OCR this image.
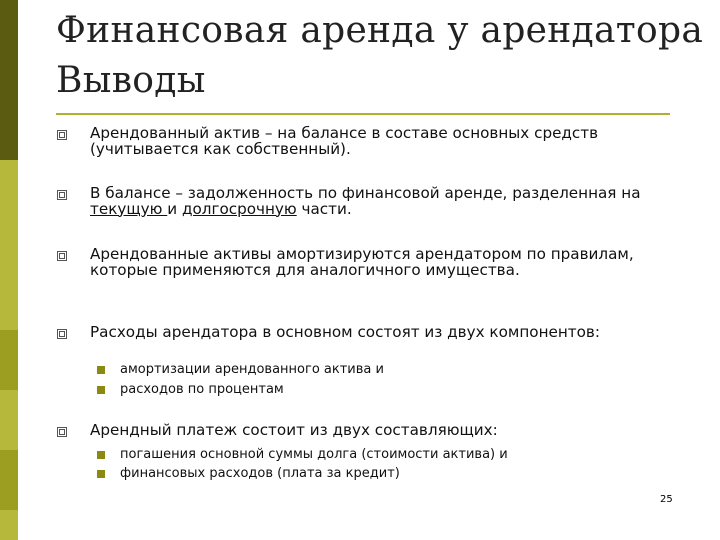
Финансовая аренда у арендатора
Выводы
Арендованный актив – на балансе в составе основных средств (учитывается как собственный).
В балансе – задолженность по финансовой аренде, разделенная на текущую и долгосрочную части.
Арендованные активы амортизируются арендатором по правилам, которые применяются для аналогичного имущества.
Расходы арендатора в основном состоят из двух компонентов:
амортизации арендованного актива и
расходов по процентам
Арендный платеж состоит из двух составляющих:
погашения основной суммы долга (стоимости актива) и
финансовых расходов (плата за кредит)
25
